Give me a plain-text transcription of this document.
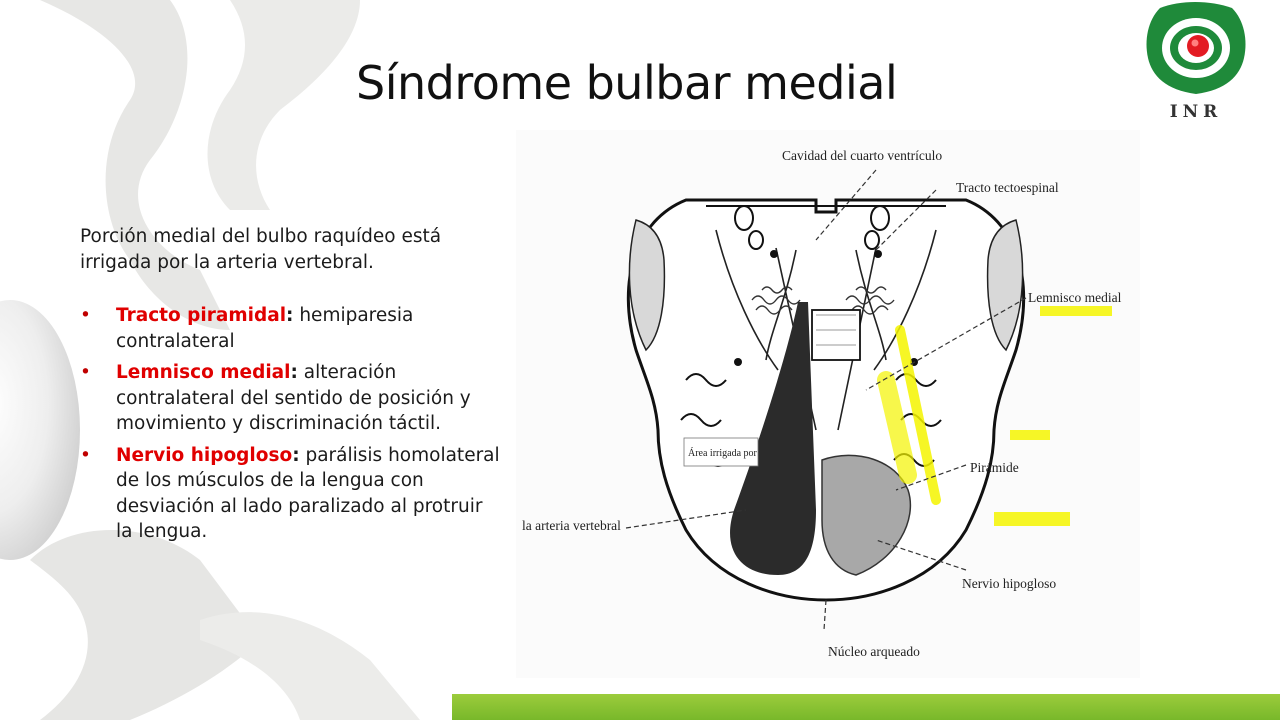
INR
Síndrome bulbar medial

Porción medial del bulbo raquídeo está irrigada por la arteria vertebral.

• Tracto piramidal: hemiparesia contralateral
• Lemnisco medial: alteración contralateral del sentido de posición y movimiento y discriminación táctil.
• Nervio hipogloso: parálisis homolateral de los músculos de la lengua con desviación al lado paralizado al protruir la lengua.
Cavidad del cuarto ventrículo
Tracto tectoespinal
Lemnisco medial
Pirámide
la arteria vertebral
Nervio hipogloso
Núcleo arqueado
Área irrigada por
